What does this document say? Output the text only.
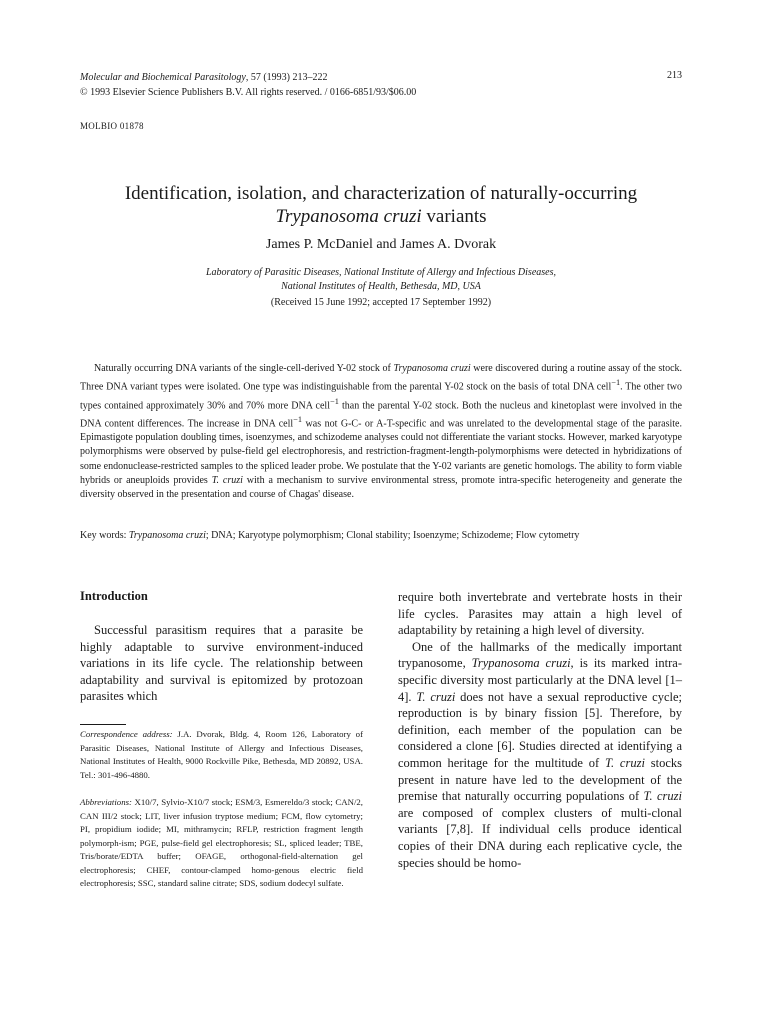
Molecular and Biochemical Parasitology, 57 (1993) 213–222
© 1993 Elsevier Science Publishers B.V. All rights reserved. / 0166-6851/93/$06.00
213
MOLBIO 01878
Identification, isolation, and characterization of naturally-occurring
Trypanosoma cruzi variants
James P. McDaniel and James A. Dvorak
Laboratory of Parasitic Diseases, National Institute of Allergy and Infectious Diseases,
National Institutes of Health, Bethesda, MD, USA
(Received 15 June 1992; accepted 17 September 1992)
Naturally occurring DNA variants of the single-cell-derived Y-02 stock of Trypanosoma cruzi were discovered during a routine assay of the stock. Three DNA variant types were isolated. One type was indistinguishable from the parental Y-02 stock on the basis of total DNA cell$^{-1}$. The other two types contained approximately 30% and 70% more DNA cell$^{-1}$ than the parental Y-02 stock. Both the nucleus and kinetoplast were involved in the DNA content differences. The increase in DNA cell$^{-1}$ was not G-C- or A-T-specific and was unrelated to the developmental stage of the parasite. Epimastigote population doubling times, isoenzymes, and schizodeme analyses could not differentiate the variant stocks. However, marked karyotype polymorphisms were observed by pulse-field gel electrophoresis, and restriction-fragment-length-polymorphisms were detected in hybridizations of some endonuclease-restricted samples to the spliced leader probe. We postulate that the Y-02 variants are genetic homologs. The ability to form viable hybrids or aneuploids provides T. cruzi with a mechanism to survive environmental stress, promote intra-specific heterogeneity and generate the diversity observed in the presentation and course of Chagas' disease.
Key words: Trypanosoma cruzi; DNA; Karyotype polymorphism; Clonal stability; Isoenzyme; Schizodeme; Flow cytometry
Introduction
Successful parasitism requires that a parasite be highly adaptable to survive environment-induced variations in its life cycle. The relationship between adaptability and survival is epitomized by protozoan parasites which
Correspondence address: J.A. Dvorak, Bldg. 4, Room 126, Laboratory of Parasitic Diseases, National Institute of Allergy and Infectious Diseases, National Institutes of Health, 9000 Rockville Pike, Bethesda, MD 20892, USA. Tel.: 301-496-4880.
Abbreviations: X10/7, Sylvio-X10/7 stock; ESM/3, Esmereldo/3 stock; CAN/2, CAN III/2 stock; LIT, liver infusion tryptose medium; FCM, flow cytometry; PI, propidium iodide; MI, mithramycin; RFLP, restriction fragment length polymorph-ism; PGE, pulse-field gel electrophoresis; SL, spliced leader; TBE, Tris/borate/EDTA buffer; OFAGE, orthogonal-field-alternation gel electrophoresis; CHEF, contour-clamped homo-genous electric field electrophoresis; SSC, standard saline citrate; SDS, sodium dodecyl sulfate.

require both invertebrate and vertebrate hosts in their life cycles. Parasites may attain a high level of adaptability by retaining a high level of diversity.

One of the hallmarks of the medically important trypanosome, Trypanosoma cruzi, is its marked intra-specific diversity most particularly at the DNA level [1–4]. T. cruzi does not have a sexual reproductive cycle; reproduction is by binary fission [5]. Therefore, by definition, each member of the population can be considered a clone [6]. Studies directed at identifying a common heritage for the multitude of T. cruzi stocks present in nature have led to the development of the premise that naturally occurring populations of T. cruzi are composed of complex clusters of multi-clonal variants [7,8]. If individual cells produce identical copies of their DNA during each replicative cycle, the species should be homo-
